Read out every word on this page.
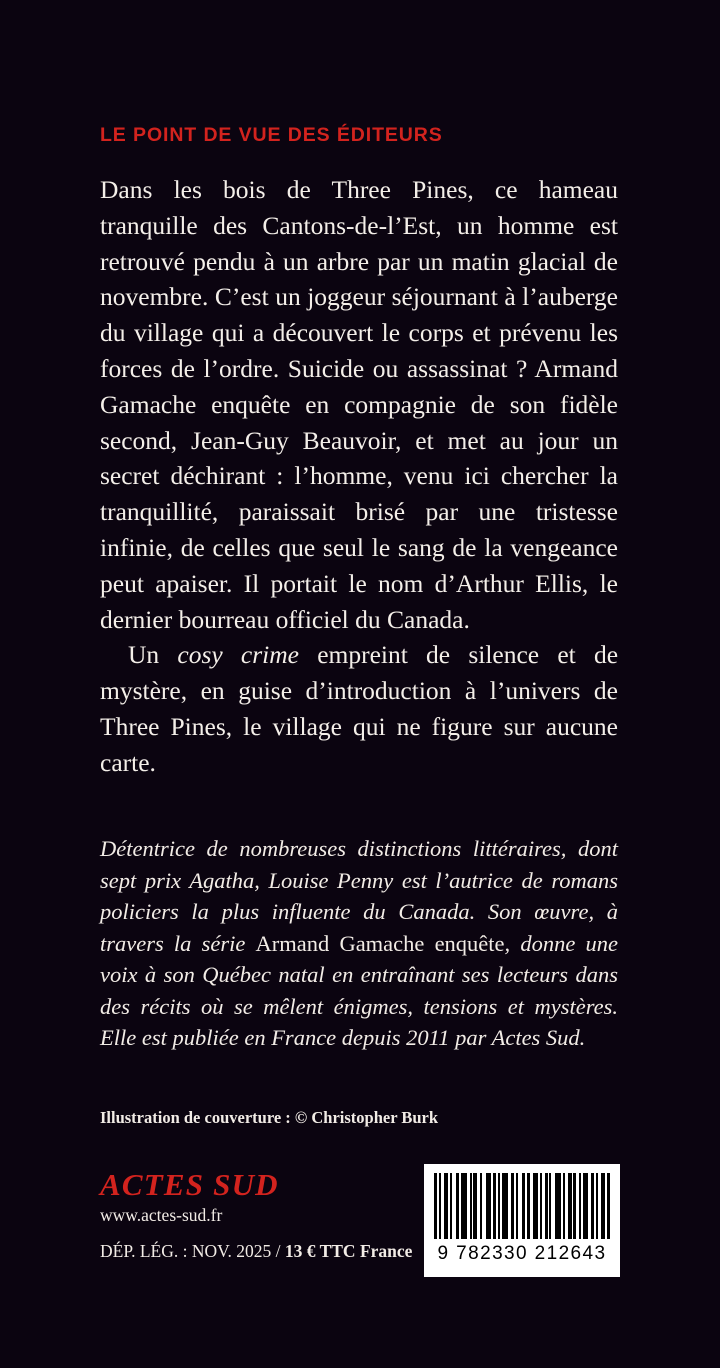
LE POINT DE VUE DES ÉDITEURS

Dans les bois de Three Pines, ce hameau tranquille des Cantons-de-l’Est, un homme est retrouvé pendu à un arbre par un matin glacial de novembre. C’est un joggeur séjournant à l’auberge du village qui a découvert le corps et prévenu les forces de l’ordre. Suicide ou assassinat ? Armand Gamache enquête en compagnie de son fidèle second, Jean-Guy Beauvoir, et met au jour un secret déchirant : l’homme, venu ici chercher la tranquillité, paraissait brisé par une tristesse infinie, de celles que seul le sang de la vengeance peut apaiser. Il portait le nom d’Arthur Ellis, le dernier bourreau officiel du Canada.

Un cosy crime empreint de silence et de mystère, en guise d’introduction à l’univers de Three Pines, le village qui ne figure sur aucune carte.

Détentrice de nombreuses distinctions littéraires, dont sept prix Agatha, Louise Penny est l’autrice de romans policiers la plus influente du Canada. Son œuvre, à travers la série Armand Gamache enquête, donne une voix à son Québec natal en entraînant ses lecteurs dans des récits où se mêlent énigmes, tensions et mystères. Elle est publiée en France depuis 2011 par Actes Sud.
Illustration de couverture : © Christopher Burk
ACTES SUD
www.actes-sud.fr
DÉP. LÉG. : NOV. 2025 / 13 € TTC France	9 782330 212643
